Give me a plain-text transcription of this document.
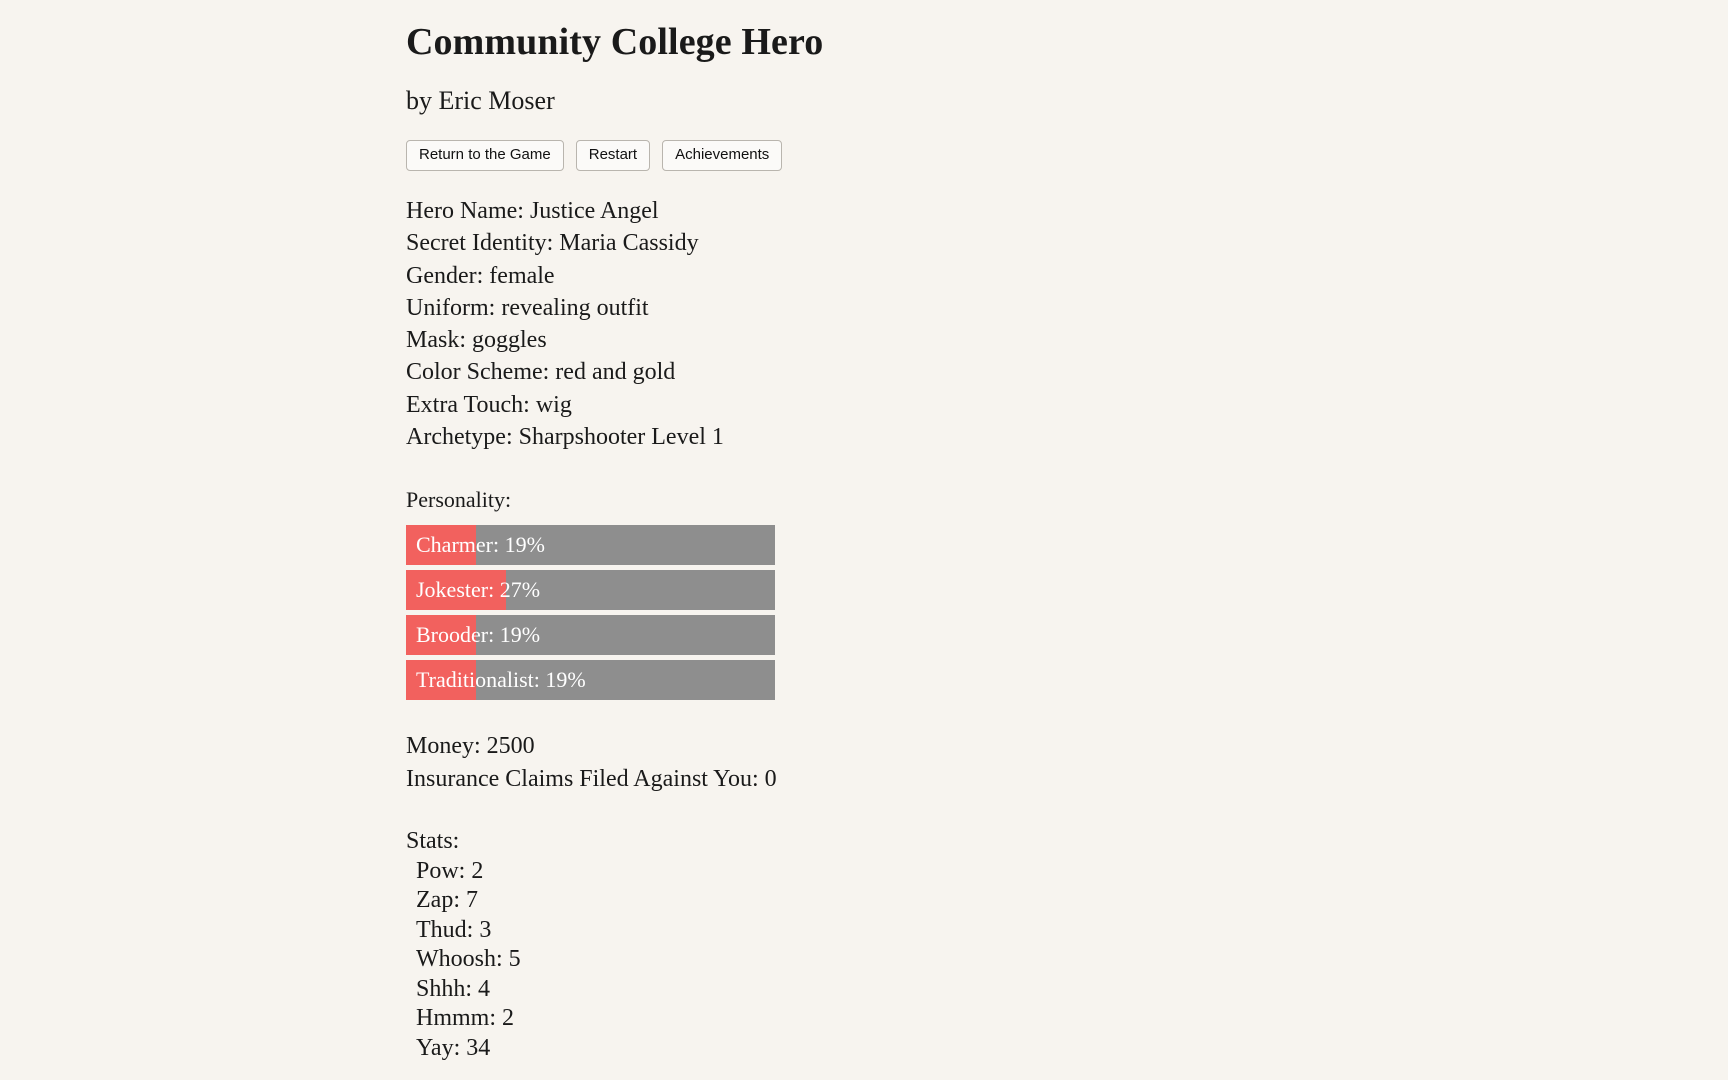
Community College Hero
by Eric Moser
Return to the Game	Restart	Achievements
Hero Name: Justice Angel
Secret Identity: Maria Cassidy
Gender: female
Uniform: revealing outfit
Mask: goggles
Color Scheme: red and gold
Extra Touch: wig
Archetype: Sharpshooter Level 1
Personality:
Charmer: 19%
Jokester: 27%
Brooder: 19%
Traditionalist: 19%
Money: 2500
Insurance Claims Filed Against You: 0
Stats:
Pow: 2
Zap: 7
Thud: 3
Whoosh: 5
Shhh: 4
Hmmm: 2
Yay: 34
